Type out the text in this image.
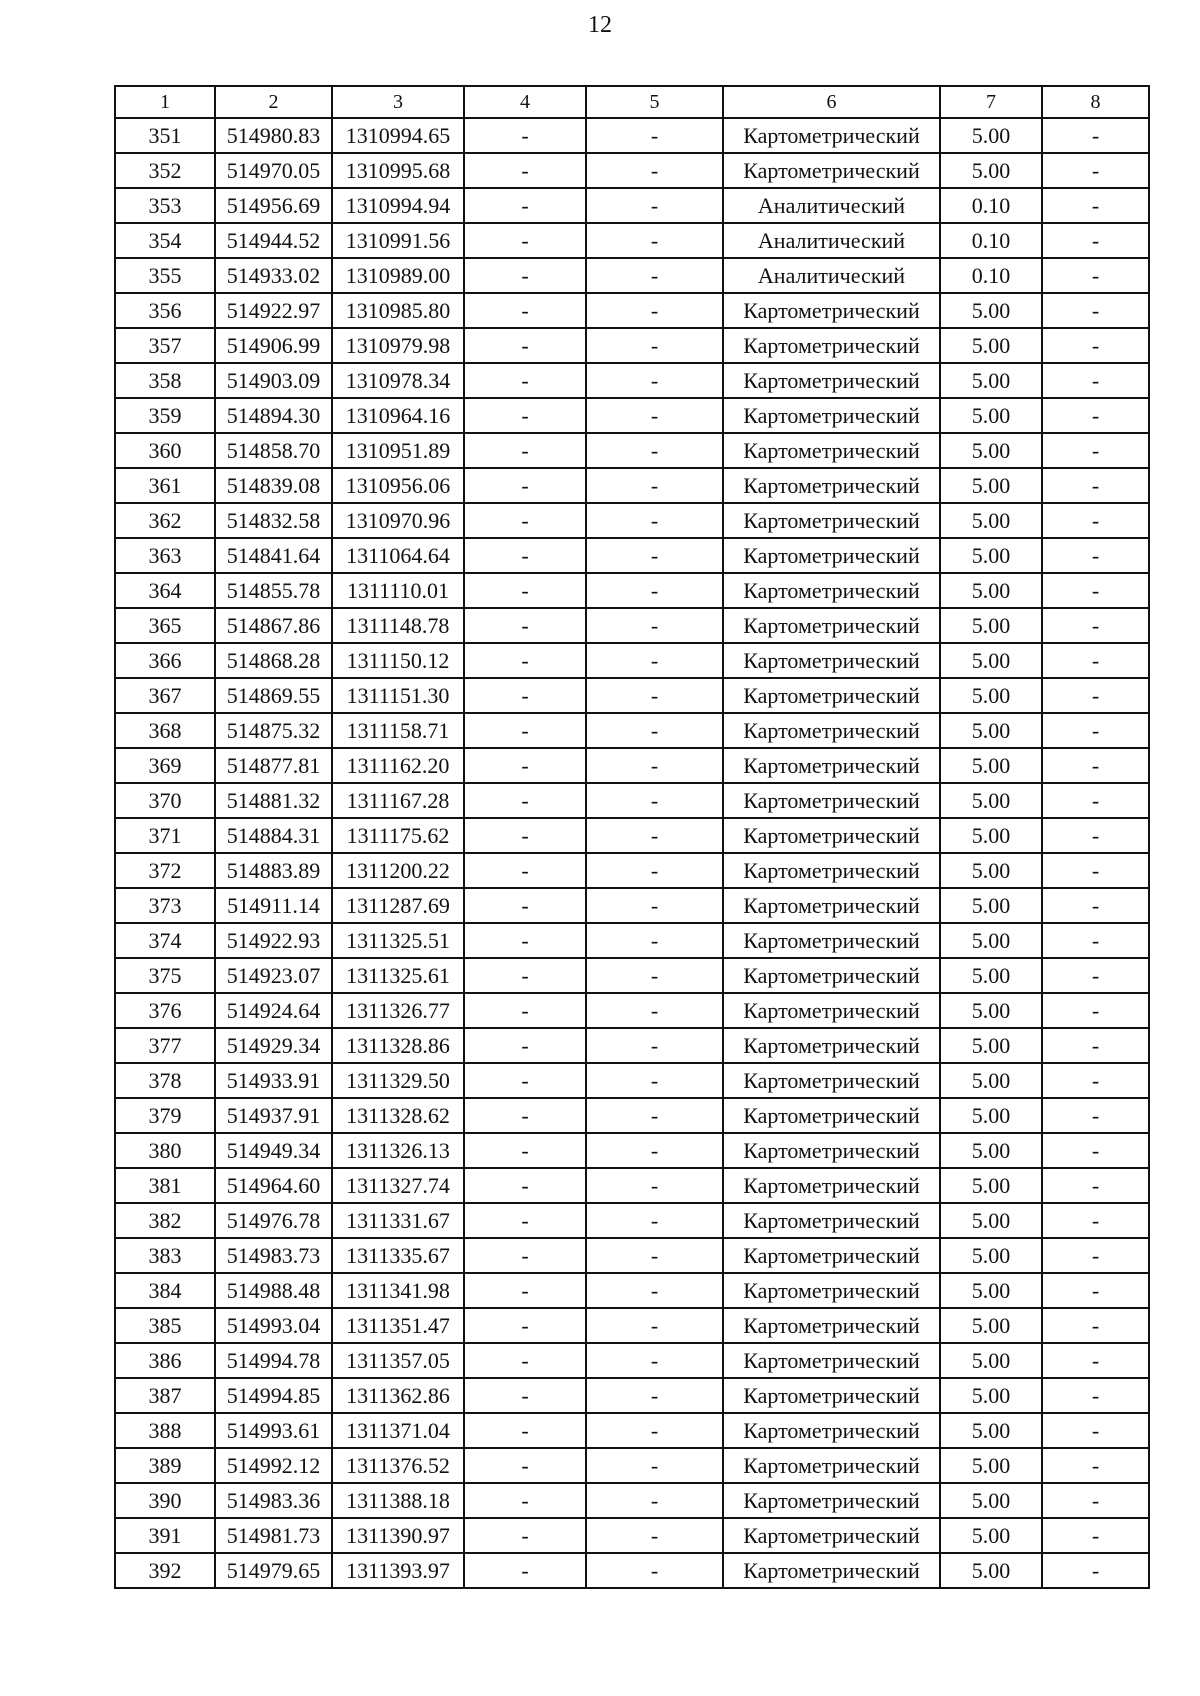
12
1	2	3	4	5	6	7	8
351	514980.83	1310994.65	-	-	Картометрический	5.00	-
352	514970.05	1310995.68	-	-	Картометрический	5.00	-
353	514956.69	1310994.94	-	-	Аналитический	0.10	-
354	514944.52	1310991.56	-	-	Аналитический	0.10	-
355	514933.02	1310989.00	-	-	Аналитический	0.10	-
356	514922.97	1310985.80	-	-	Картометрический	5.00	-
357	514906.99	1310979.98	-	-	Картометрический	5.00	-
358	514903.09	1310978.34	-	-	Картометрический	5.00	-
359	514894.30	1310964.16	-	-	Картометрический	5.00	-
360	514858.70	1310951.89	-	-	Картометрический	5.00	-
361	514839.08	1310956.06	-	-	Картометрический	5.00	-
362	514832.58	1310970.96	-	-	Картометрический	5.00	-
363	514841.64	1311064.64	-	-	Картометрический	5.00	-
364	514855.78	1311110.01	-	-	Картометрический	5.00	-
365	514867.86	1311148.78	-	-	Картометрический	5.00	-
366	514868.28	1311150.12	-	-	Картометрический	5.00	-
367	514869.55	1311151.30	-	-	Картометрический	5.00	-
368	514875.32	1311158.71	-	-	Картометрический	5.00	-
369	514877.81	1311162.20	-	-	Картометрический	5.00	-
370	514881.32	1311167.28	-	-	Картометрический	5.00	-
371	514884.31	1311175.62	-	-	Картометрический	5.00	-
372	514883.89	1311200.22	-	-	Картометрический	5.00	-
373	514911.14	1311287.69	-	-	Картометрический	5.00	-
374	514922.93	1311325.51	-	-	Картометрический	5.00	-
375	514923.07	1311325.61	-	-	Картометрический	5.00	-
376	514924.64	1311326.77	-	-	Картометрический	5.00	-
377	514929.34	1311328.86	-	-	Картометрический	5.00	-
378	514933.91	1311329.50	-	-	Картометрический	5.00	-
379	514937.91	1311328.62	-	-	Картометрический	5.00	-
380	514949.34	1311326.13	-	-	Картометрический	5.00	-
381	514964.60	1311327.74	-	-	Картометрический	5.00	-
382	514976.78	1311331.67	-	-	Картометрический	5.00	-
383	514983.73	1311335.67	-	-	Картометрический	5.00	-
384	514988.48	1311341.98	-	-	Картометрический	5.00	-
385	514993.04	1311351.47	-	-	Картометрический	5.00	-
386	514994.78	1311357.05	-	-	Картометрический	5.00	-
387	514994.85	1311362.86	-	-	Картометрический	5.00	-
388	514993.61	1311371.04	-	-	Картометрический	5.00	-
389	514992.12	1311376.52	-	-	Картометрический	5.00	-
390	514983.36	1311388.18	-	-	Картометрический	5.00	-
391	514981.73	1311390.97	-	-	Картометрический	5.00	-
392	514979.65	1311393.97	-	-	Картометрический	5.00	-
